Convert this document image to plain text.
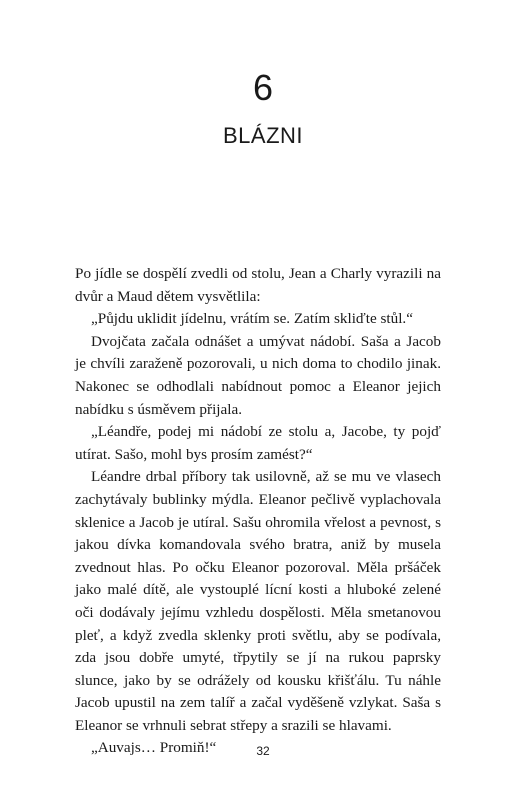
6
BLÁZNI

Po jídle se dospělí zvedli od stolu, Jean a Charly vyrazili na dvůr a Maud dětem vysvětlila:

„Půjdu uklidit jídelnu, vrátím se. Zatím skliďte stůl.“

Dvojčata začala odnášet a umývat nádobí. Saša a Jacob je chvíli zaraženě pozorovali, u nich doma to chodilo jinak. Nakonec se odhodlali nabídnout pomoc a Eleanor jejich nabídku s úsměvem přijala.

„Léandře, podej mi nádobí ze stolu a, Jacobe, ty pojď utírat. Sašo, mohl bys prosím zamést?“

Léandre drbal příbory tak usilovně, až se mu ve vlasech zachytávaly bublinky mýdla. Eleanor pečlivě vyplachovala sklenice a Jacob je utíral. Sašu ohromila vřelost a pevnost, s jakou dívka komandovala svého bratra, aniž by musela zvednout hlas. Po očku Eleanor pozoroval. Měla pršáček jako malé dítě, ale vystouplé lícní kosti a hluboké zelené oči dodávaly jejímu vzhledu dospělosti. Měla smetanovou pleť, a když zvedla sklenky proti světlu, aby se podívala, zda jsou dobře umyté, třpytily se jí na rukou paprsky slunce, jako by se odrážely od kousku křišťálu. Tu náhle Jacob upustil na zem talíř a začal vyděšeně vzlykat. Saša s Eleanor se vrhnuli sebrat střepy a srazili se hlavami.

„Auvajs… Promiň!“	32
